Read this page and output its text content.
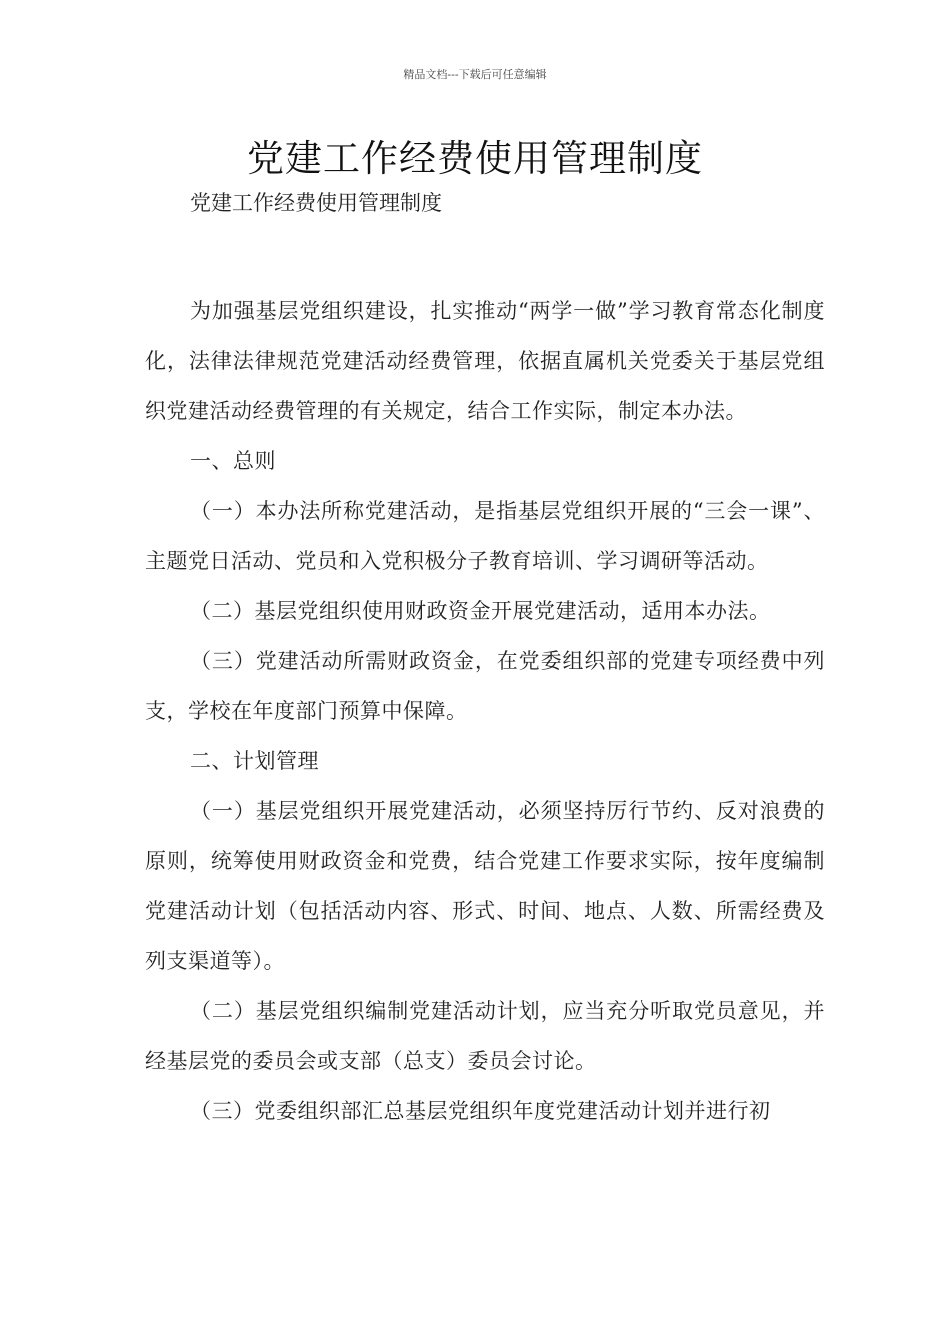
精品文档---下载后可任意编辑
党建工作经费使用管理制度
党建工作经费使用管理制度

为加强基层党组织建设，扎实推动“两学一做”学习教育常态化制度化，法律法律规范党建活动经费管理，依据直属机关党委关于基层党组织党建活动经费管理的有关规定，结合工作实际，制定本办法。

一、总则

（一）本办法所称党建活动，是指基层党组织开展的“三会一课”、主题党日活动、党员和入党积极分子教育培训、学习调研等活动。

（二）基层党组织使用财政资金开展党建活动，适用本办法。

（三）党建活动所需财政资金，在党委组织部的党建专项经费中列支，学校在年度部门预算中保障。

二、计划管理

（一）基层党组织开展党建活动，必须坚持厉行节约、反对浪费的原则，统筹使用财政资金和党费，结合党建工作要求实际，按年度编制党建活动计划（包括活动内容、形式、时间、地点、人数、所需经费及列支渠道等）。

（二）基层党组织编制党建活动计划，应当充分听取党员意见，并经基层党的委员会或支部（总支）委员会讨论。

（三）党委组织部汇总基层党组织年度党建活动计划并进行初
